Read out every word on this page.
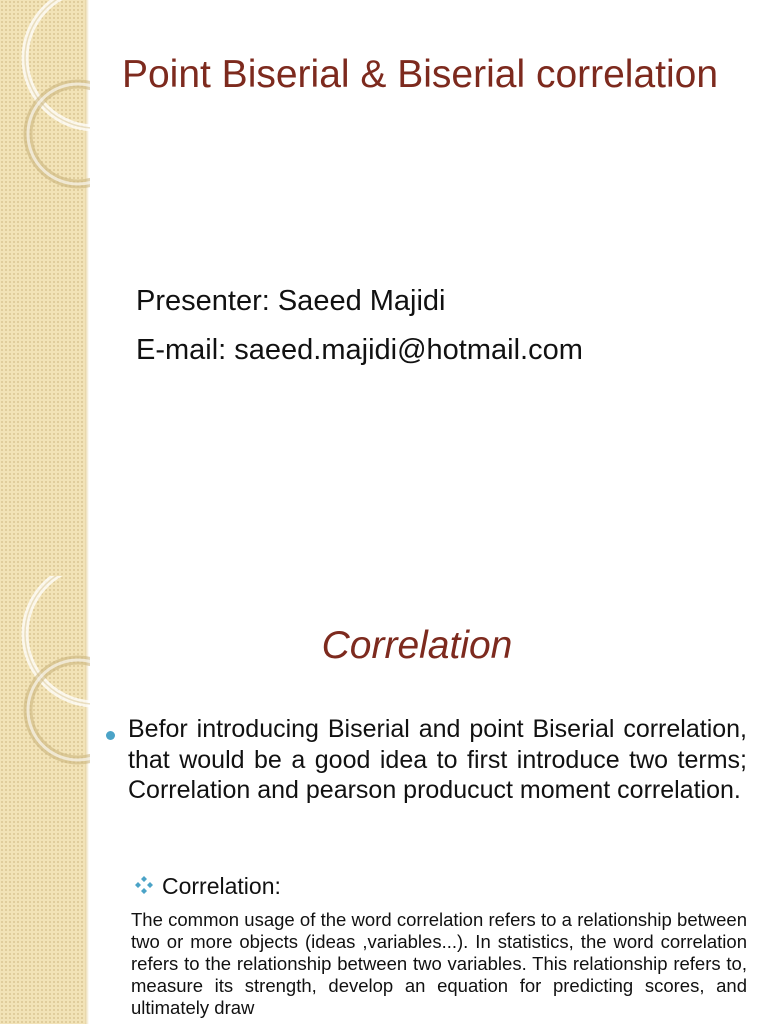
Point Biserial & Biserial correlation
Presenter: Saeed Majidi
E-mail: saeed.majidi@hotmail.com
Correlation

Befor introducing Biserial and point Biserial correlation, that would be a good idea to first introduce two terms; Correlation and pearson producuct moment correlation.

Correlation:

The common usage of the word correlation refers to a relationship between two or more objects (ideas ,variables...). In statistics, the word correlation refers to the relationship between two variables. This relationship refers to, measure its strength, develop an equation for predicting scores, and ultimately draw
